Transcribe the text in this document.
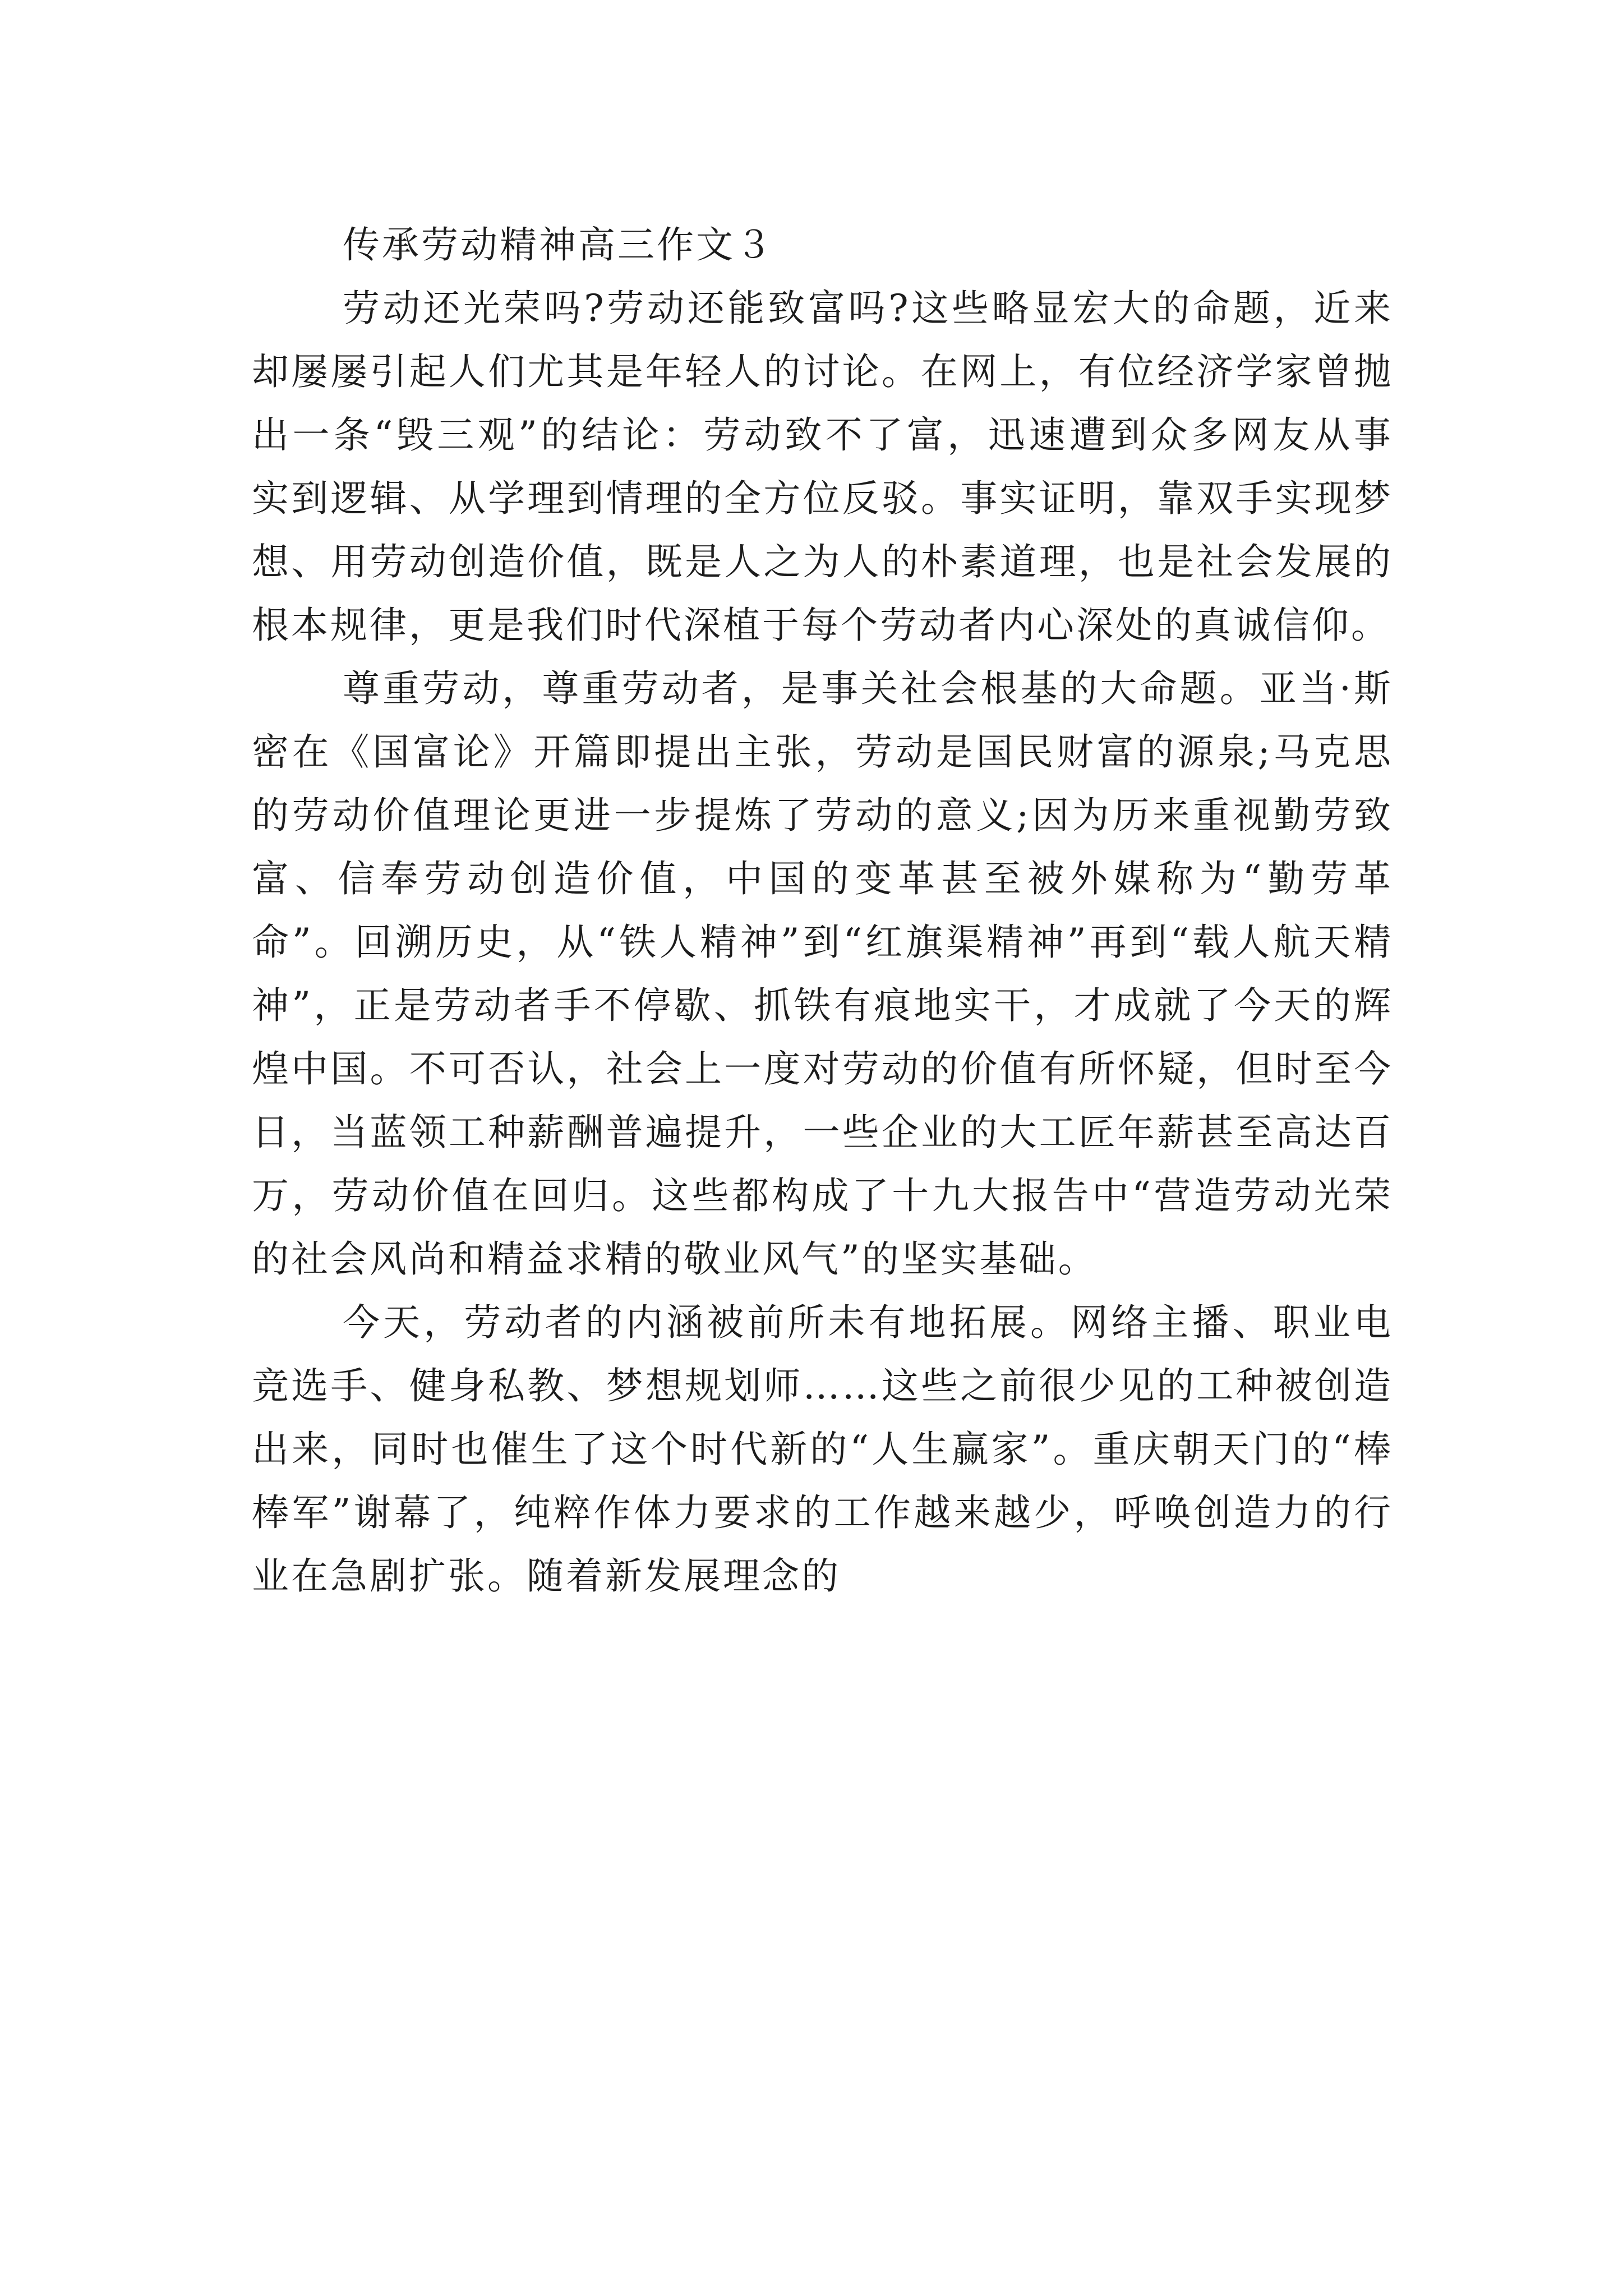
传承劳动精神高三作文３

劳动还光荣吗?劳动还能致富吗?这些略显宏大的命题，近来却屡屡引起人们尤其是年轻人的讨论。在网上，有位经济学家曾抛出一条“毁三观”的结论：劳动致不了富，迅速遭到众多网友从事实到逻辑、从学理到情理的全方位反驳。事实证明，靠双手实现梦想、用劳动创造价值，既是人之为人的朴素道理，也是社会发展的根本规律，更是我们时代深植于每个劳动者内心深处的真诚信仰。

尊重劳动，尊重劳动者，是事关社会根基的大命题。亚当·斯密在《国富论》开篇即提出主张，劳动是国民财富的源泉;马克思的劳动价值理论更进一步提炼了劳动的意义;因为历来重视勤劳致富、信奉劳动创造价值，中国的变革甚至被外媒称为“勤劳革命”。回溯历史，从“铁人精神”到“红旗渠精神”再到“载人航天精神”，正是劳动者手不停歇、抓铁有痕地实干，才成就了今天的辉煌中国。不可否认，社会上一度对劳动的价值有所怀疑，但时至今日，当蓝领工种薪酬普遍提升，一些企业的大工匠年薪甚至高达百万，劳动价值在回归。这些都构成了十九大报告中“营造劳动光荣的社会风尚和精益求精的敬业风气”的坚实基础。

今天，劳动者的内涵被前所未有地拓展。网络主播、职业电竞选手、健身私教、梦想规划师……这些之前很少见的工种被创造出来，同时也催生了这个时代新的“人生赢家”。重庆朝天门的“棒棒军”谢幕了，纯粹作体力要求的工作越来越少，呼唤创造力的行业在急剧扩张。随着新发展理念的
